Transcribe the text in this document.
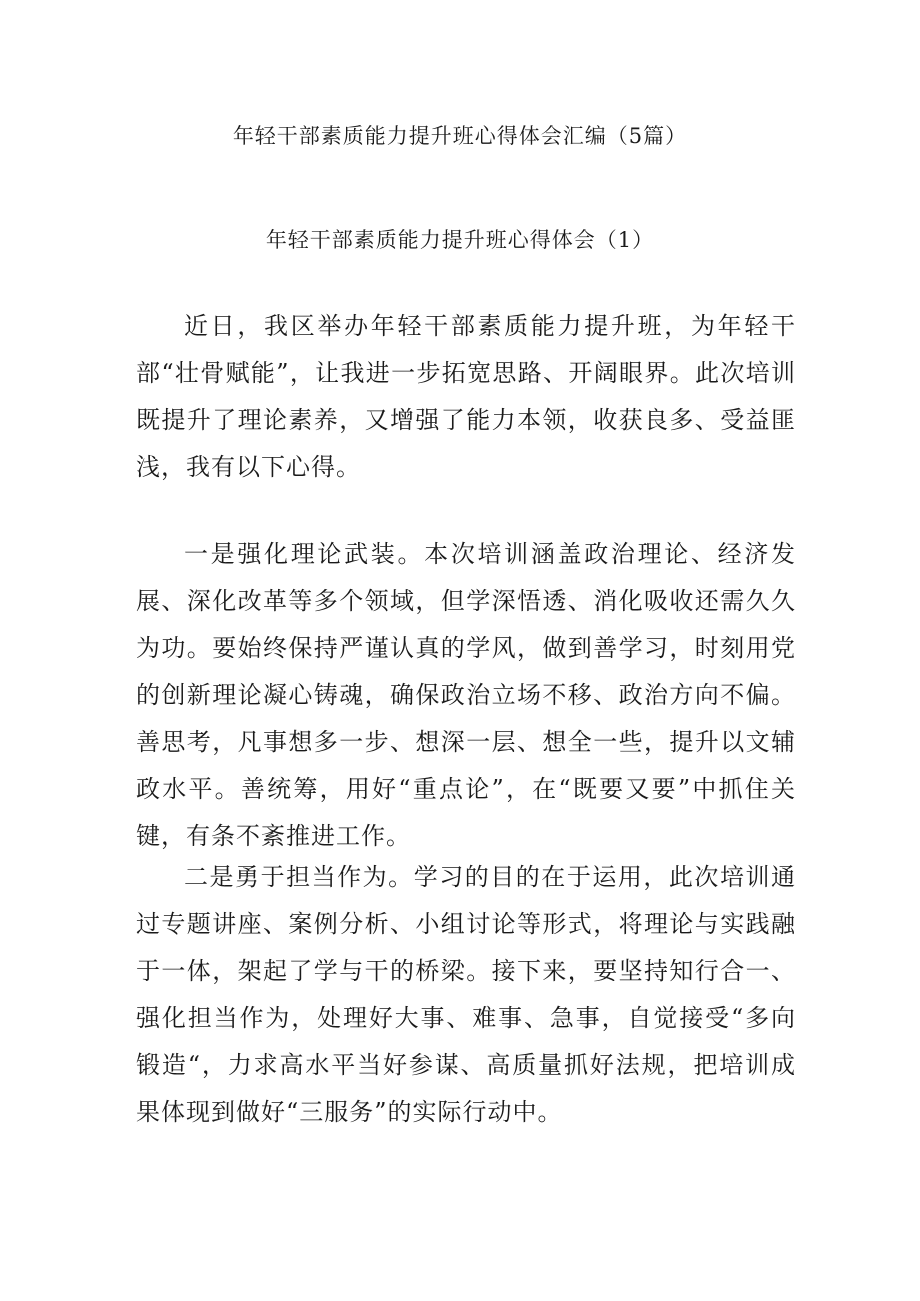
年轻干部素质能力提升班心得体会汇编（5篇）
年轻干部素质能力提升班心得体会（1）

近日，我区举办年轻干部素质能力提升班，为年轻干部“壮骨赋能”，让我进一步拓宽思路、开阔眼界。此次培训既提升了理论素养，又增强了能力本领，收获良多、受益匪浅，我有以下心得。

一是强化理论武装。本次培训涵盖政治理论、经济发展、深化改革等多个领域，但学深悟透、消化吸收还需久久为功。要始终保持严谨认真的学风，做到善学习，时刻用党的创新理论凝心铸魂，确保政治立场不移、政治方向不偏。善思考，凡事想多一步、想深一层、想全一些，提升以文辅政水平。善统筹，用好“重点论”，在“既要又要”中抓住关键，有条不紊推进工作。

二是勇于担当作为。学习的目的在于运用，此次培训通过专题讲座、案例分析、小组讨论等形式，将理论与实践融于一体，架起了学与干的桥梁。接下来，要坚持知行合一、强化担当作为，处理好大事、难事、急事，自觉接受“多向锻造“，力求高水平当好参谋、高质量抓好法规，把培训成果体现到做好“三服务”的实际行动中。
